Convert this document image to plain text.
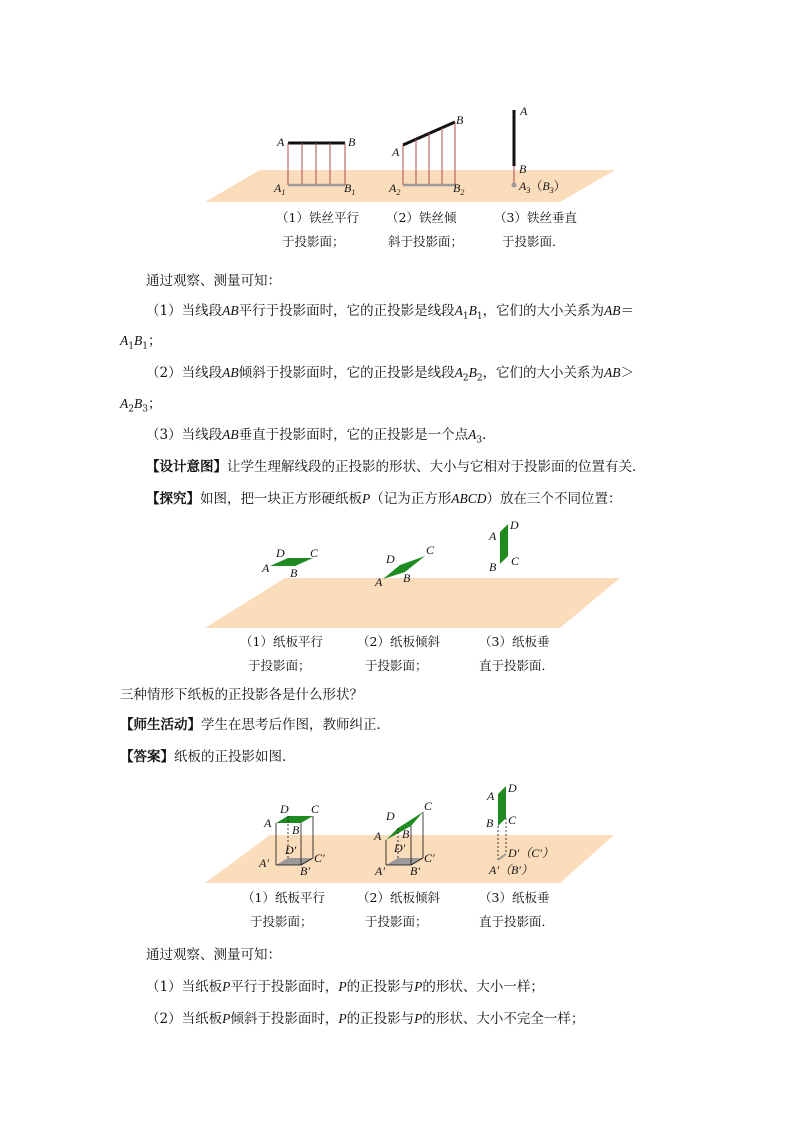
A	B
$A_1$	$B_1$
A
B
$A_2$	$B_2$
A
B
$A_3(B_3)$
（1）铁丝平行
于投影面；
（2）铁丝倾
斜于投影面；
（3）铁丝垂直
于投影面．
通过观察、测量可知：
（1）当线段AB平行于投影面时，它的正投影是线段$A_1B_1$，它们的大小关系为AB＝
$A_1B_1$；
（2）当线段AB倾斜于投影面时，它的正投影是线段$A_2B_2$，它们的大小关系为AB＞
$A_2B_3$；
（3）当线段AB垂直于投影面时，它的正投影是一个点$A_3$．
【设计意图】让学生理解线段的正投影的形状、大小与它相对于投影面的位置有关．
【探究】如图，把一块正方形硬纸板P（记为正方形ABCD）放在三个不同位置：
D C
A B
D
C
A B
A
D
B C
（1）纸板平行
于投影面；
（2）纸板倾斜
于投影面；
（3）纸板垂
直于投影面．
三种情形下纸板的正投影各是什么形状？
【师生活动】学生在思考后作图，教师纠正．
【答案】纸板的正投影如图．
D C
A B
D′
C′
A′
B′
D
C
A B
D′
C′
A′ B′
A
D
B C
D′（C′）
A′（B′）
（1）纸板平行
于投影面；
（2）纸板倾斜
于投影面；
（3）纸板垂
直于投影面．
通过观察、测量可知：
（1）当纸板P平行于投影面时，P的正投影与P的形状、大小一样；
（2）当纸板P倾斜于投影面时，P的正投影与P的形状、大小不完全一样；
